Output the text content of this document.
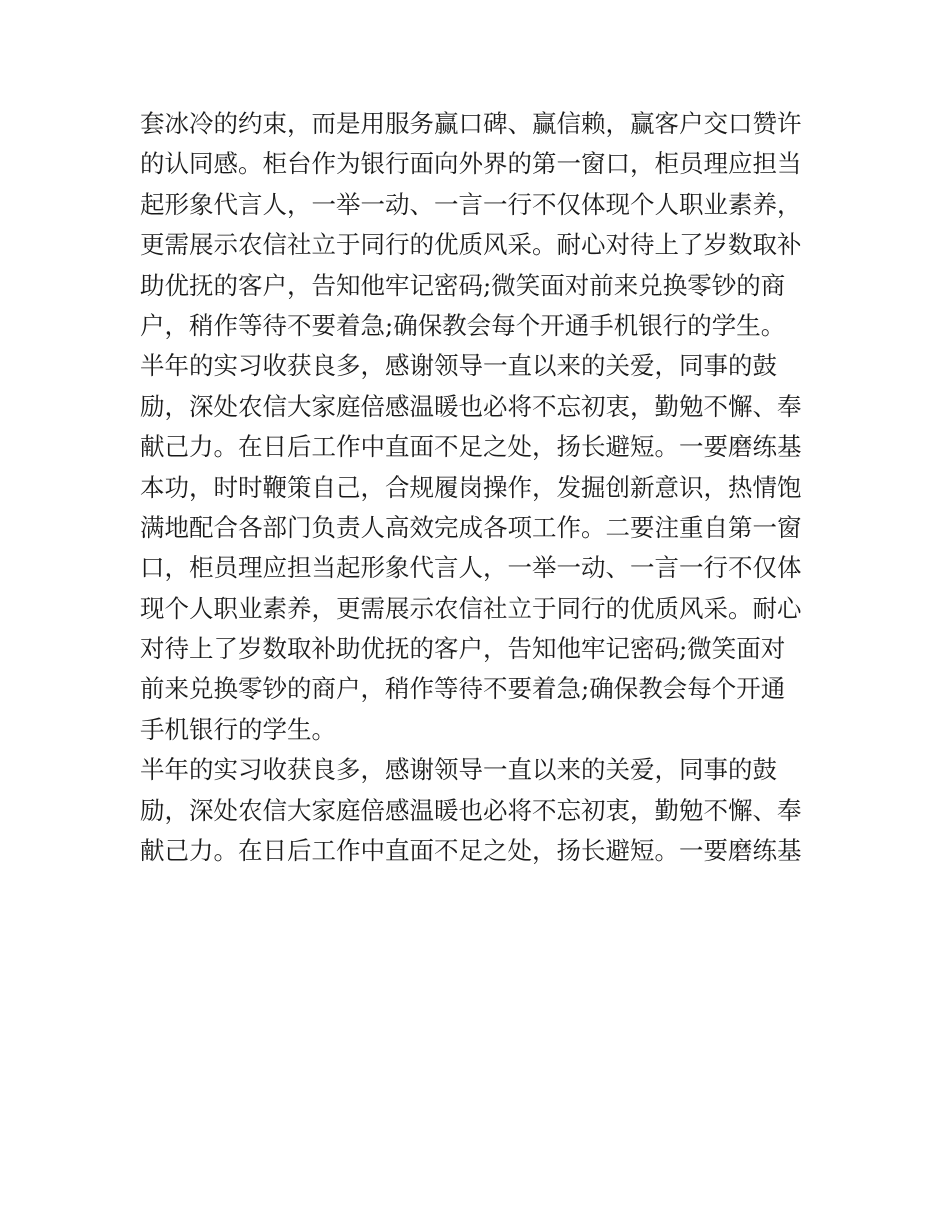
套冰冷的约束，而是用服务赢口碑、赢信赖，赢客户交口赞许
的认同感。柜台作为银行面向外界的第一窗口，柜员理应担当
起形象代言人，一举一动、一言一行不仅体现个人职业素养，
更需展示农信社立于同行的优质风采。耐心对待上了岁数取补
助优抚的客户，告知他牢记密码;微笑面对前来兑换零钞的商
户，稍作等待不要着急;确保教会每个开通手机银行的学生。
半年的实习收获良多，感谢领导一直以来的关爱，同事的鼓
励，深处农信大家庭倍感温暖也必将不忘初衷，勤勉不懈、奉
献己力。在日后工作中直面不足之处，扬长避短。一要磨练基
本功，时时鞭策自己，合规履岗操作，发掘创新意识，热情饱
满地配合各部门负责人高效完成各项工作。二要注重自第一窗
口，柜员理应担当起形象代言人，一举一动、一言一行不仅体
现个人职业素养，更需展示农信社立于同行的优质风采。耐心
对待上了岁数取补助优抚的客户，告知他牢记密码;微笑面对
前来兑换零钞的商户，稍作等待不要着急;确保教会每个开通
手机银行的学生。
半年的实习收获良多，感谢领导一直以来的关爱，同事的鼓
励，深处农信大家庭倍感温暖也必将不忘初衷，勤勉不懈、奉
献己力。在日后工作中直面不足之处，扬长避短。一要磨练基
